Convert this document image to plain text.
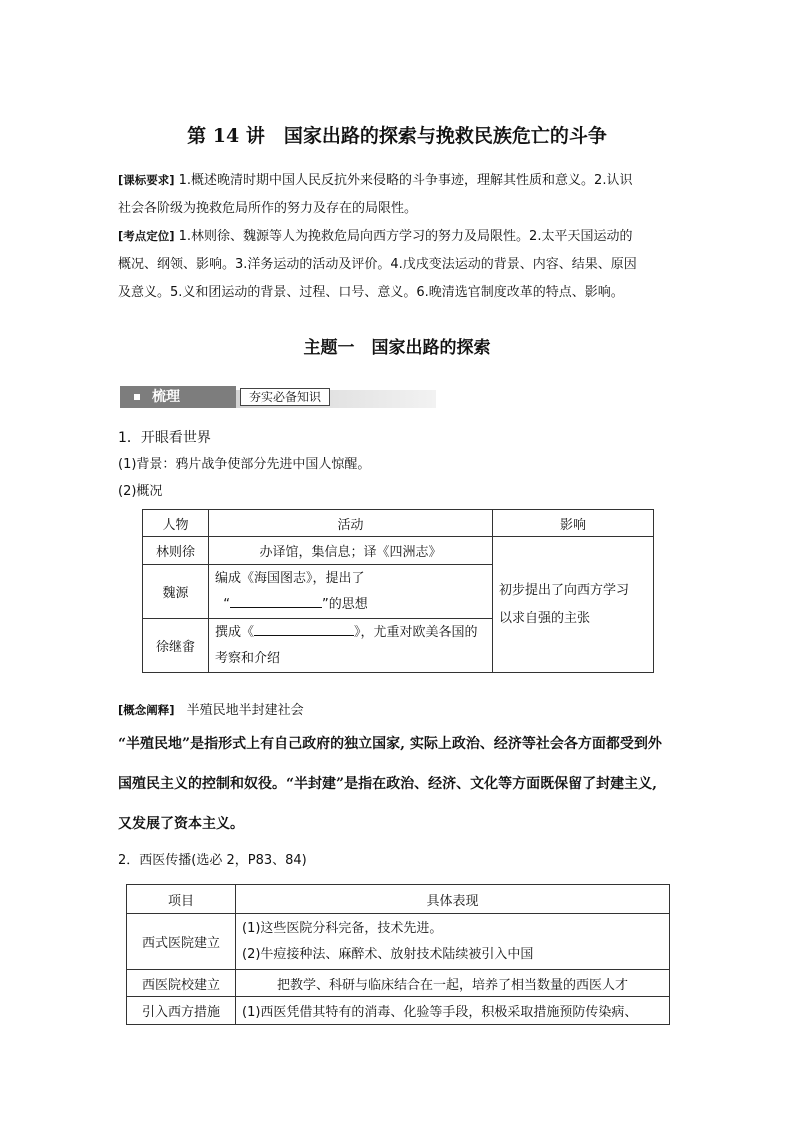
第 14 讲　国家出路的探索与挽救民族危亡的斗争
[课标要求] 1.概述晚清时期中国人民反抗外来侵略的斗争事迹，理解其性质和意义。2.认识
社会各阶级为挽救危局所作的努力及存在的局限性。
[考点定位] 1.林则徐、魏源等人为挽救危局向西方学习的努力及局限性。2.太平天国运动的
概况、纲领、影响。3.洋务运动的活动及评价。4.戊戌变法运动的背景、内容、结果、原因
及意义。5.义和团运动的背景、过程、口号、意义。6.晚清选官制度改革的特点、影响。
主题一　国家出路的探索
梳理	夯实必备知识
1．开眼看世界
(1)背景：鸦片战争使部分先进中国人惊醒。
(2)概况
人物	活动	影响
林则徐	办译馆，集信息；译《四洲志》	初步提出了向西方学习
以求自强的主张

魏源	编成《海国图志》，提出了
“ ”的思想	

徐继畬	撰成《 》，尤重对欧美各国的
考察和介绍	
[概念阐释] 半殖民地半封建社会
“半殖民地”是指形式上有自己政府的独立国家, 实际上政治、经济等社会各方面都受到外
国殖民主义的控制和奴役。“半封建”是指在政治、经济、文化等方面既保留了封建主义,
又发展了资本主义。
2．西医传播(选必 2，P83、84)
项目	具体表现
西式医院建立	(1)这些医院分科完备，技术先进。
(2)牛痘接种法、麻醉术、放射技术陆续被引入中国

西医院校建立	把教学、科研与临床结合在一起，培养了相当数量的西医人才
引入西方措施	(1)西医凭借其特有的消毒、化验等手段，积极采取措施预防传染病、
